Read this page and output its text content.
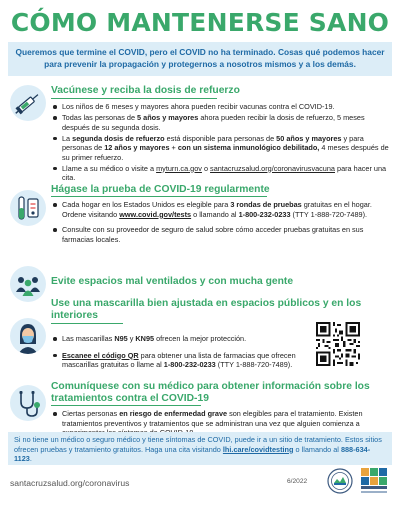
CÓMO MANTENERSE SANO
Queremos que termine el COVID, pero el COVID no ha terminado. Cosas qué podemos hacer para prevenir la propagación y protegernos a nosotros mismos y a los demás.
Vacúnese y reciba la dosis de refuerzo
Los niños de 6 meses y mayores ahora pueden recibir vacunas contra el COVID-19.
Todas las personas de 5 años y mayores ahora pueden recibir la dosis de refuerzo, 5 meses después de su segunda dosis.
La segunda dosis de refuerzo está disponible para personas de 50 años y mayores y para personas de 12 años y mayores + con un sistema inmunológico debilitado, 4 meses después de su primer refuerzo.
Llame a su médico o visite a myturn.ca.gov o santacruzsalud.org/coronavirusvacuna para hacer una cita.
Hágase la prueba de COVID-19 regularmente
Cada hogar en los Estados Unidos es elegible para 3 rondas de pruebas gratuitas en el hogar. Ordene visitando www.covid.gov/tests o llamando al 1-800-232-0233 (TTY 1-888-720-7489).
Consulte con su proveedor de seguro de salud sobre cómo acceder pruebas gratuitas en sus farmacias locales.
Evite espacios mal ventilados y con mucha gente
Use una mascarilla bien ajustada en espacios públicos y en los interiores
Las mascarillas N95 y KN95 ofrecen la mejor protección.
Escanee el código QR para obtener una lista de farmacias que ofrecen mascarillas gratuitas o llame al 1-800-232-0233 (TTY 1-888-720-7489).
Comuníquese con su médico para obtener información sobre los tratamientos contra el COVID-19
Ciertas personas en riesgo de enfermedad grave son elegibles para el tratamiento. Existen tratamientos preventivos y tratamientos que se administran una vez que alguien comienza a
Si no tiene un médico o seguro médico y tiene síntomas de COVID, puede ir a un sitio de tratamiento. Estos sitios ofrecen pruebas y tratamiento gratuitos. Haga una cita visitando lhi.care/covidtesting o llamando al 888-634-1123.
santacruzsalud.org/coronavirus	6/2022
